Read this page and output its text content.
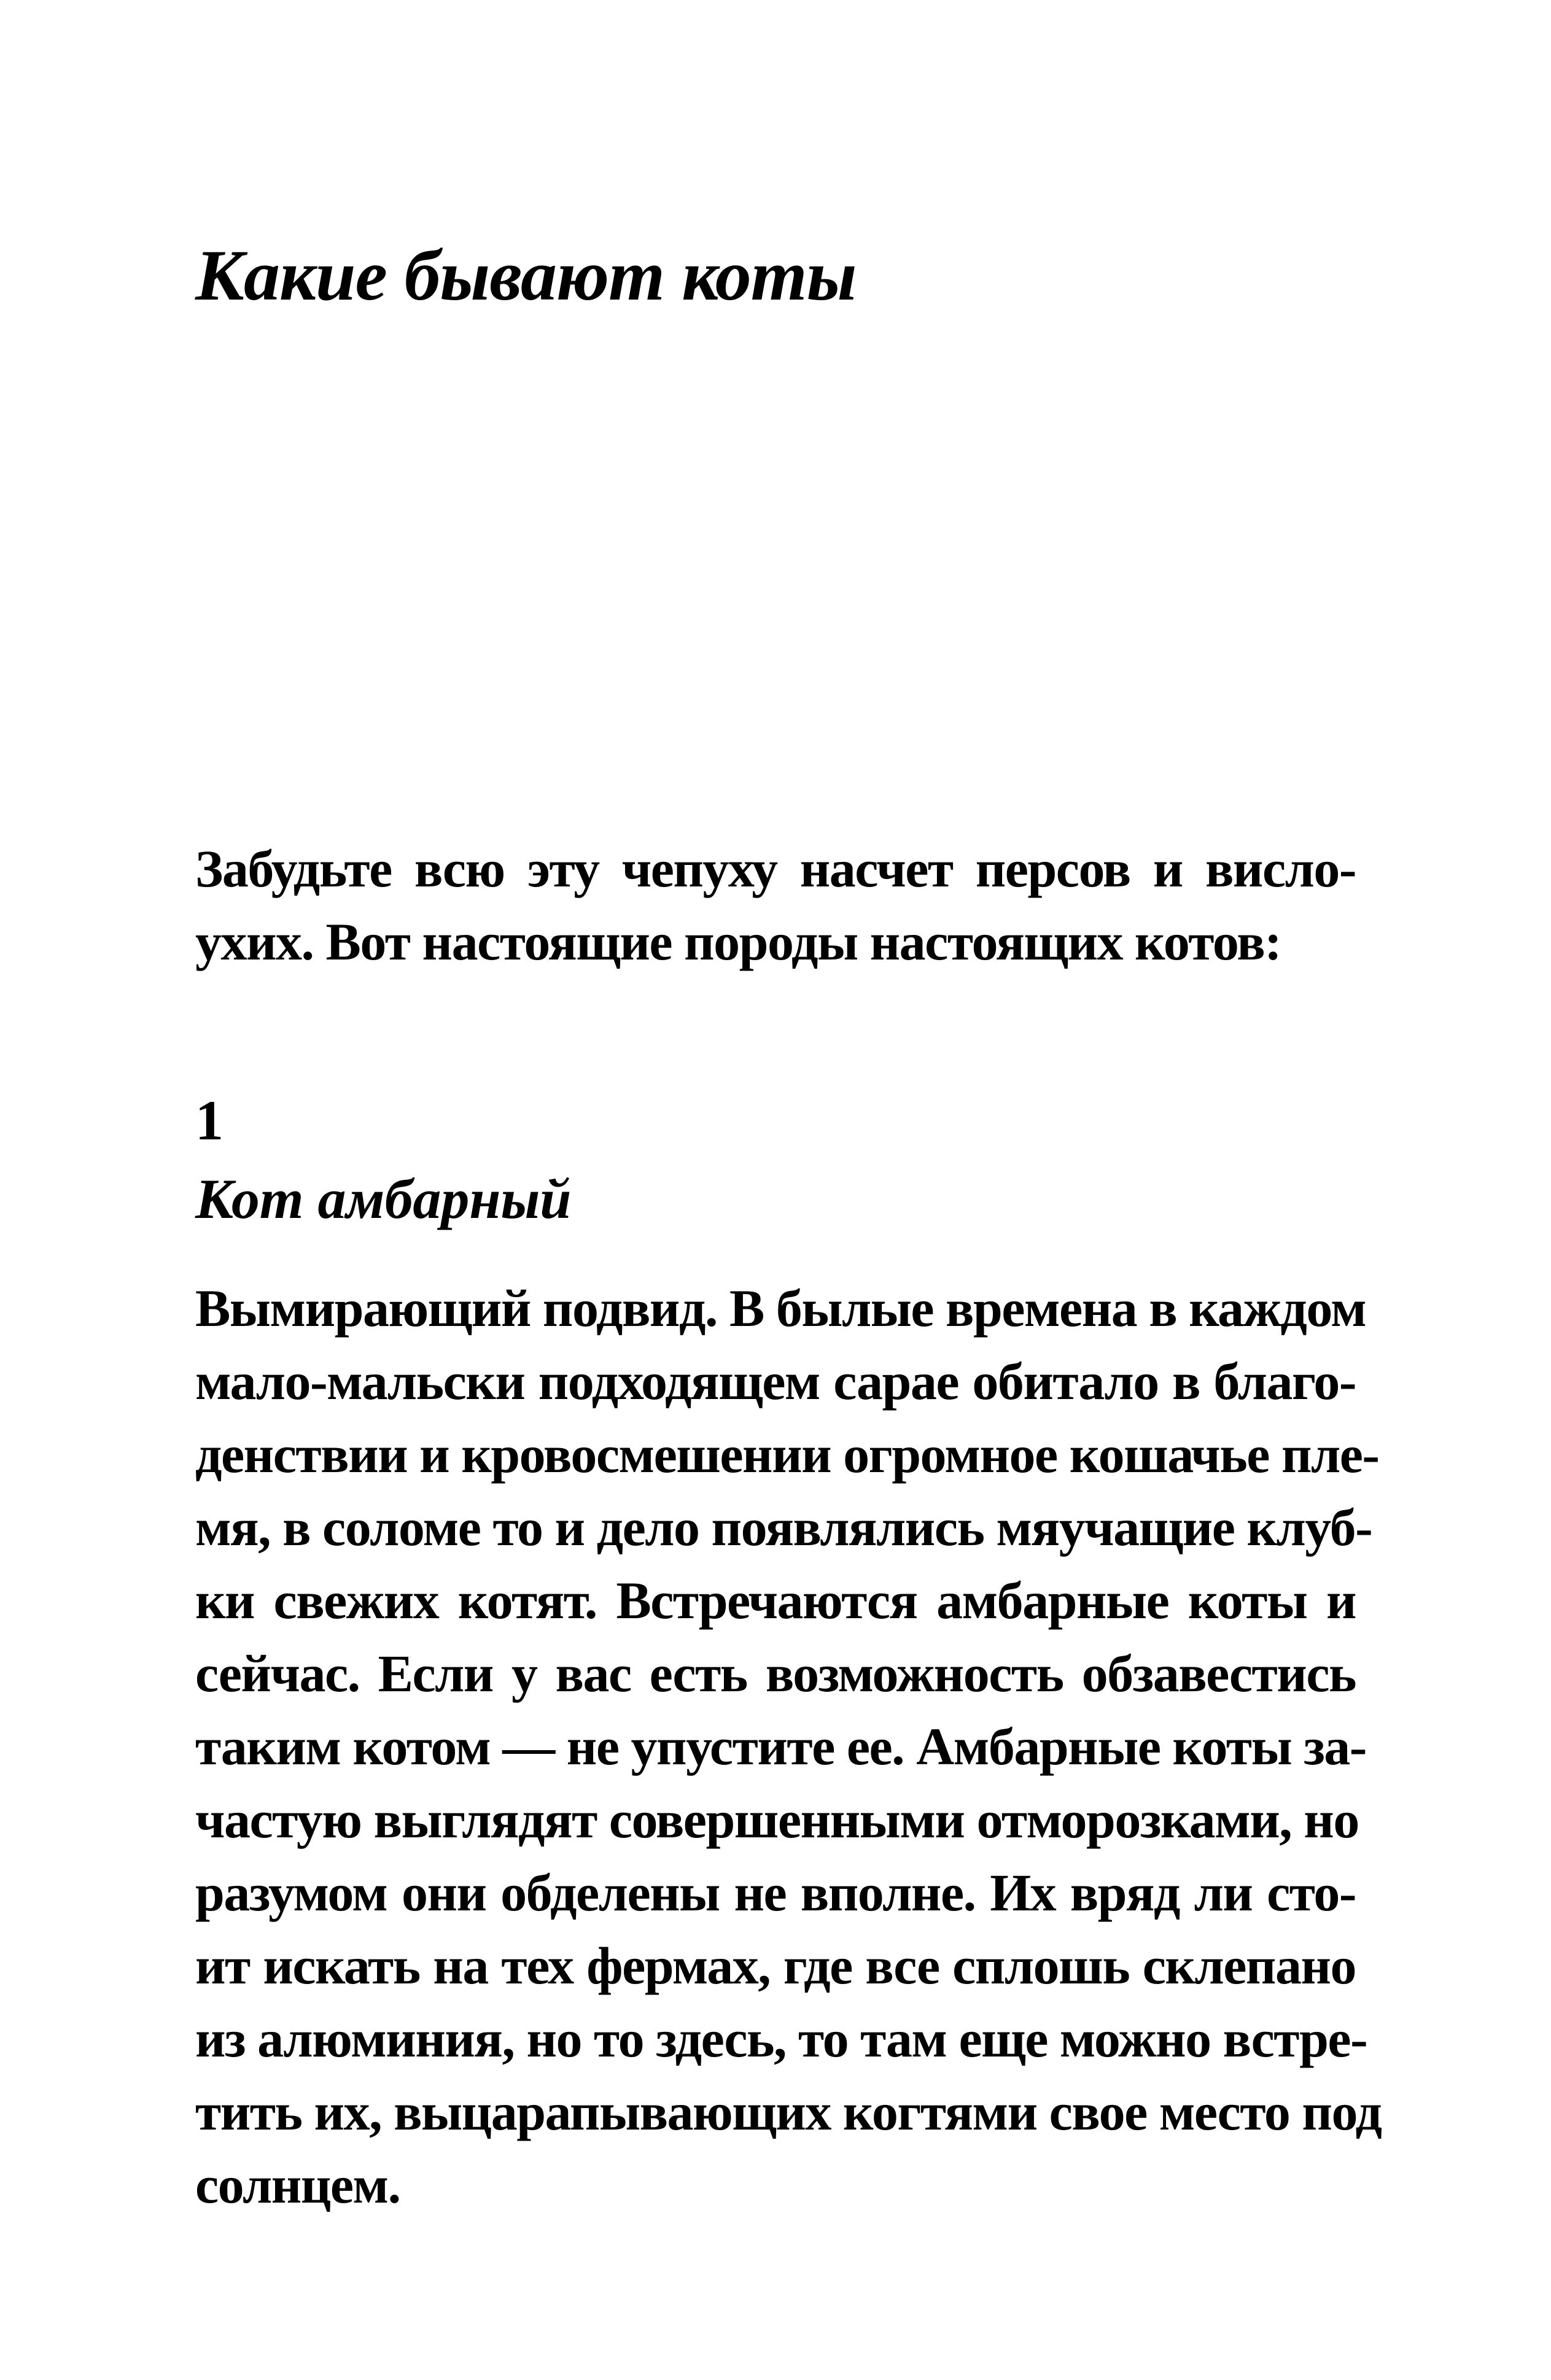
Какие бывают коты

Забудьте всю эту чепуху насчет персов и висло-
ухих. Вот настоящие породы настоящих котов:

1
Кот амбарный

Вымирающий подвид. В былые времена в каждом
мало-мальски подходящем сарае обитало в благо-
денствии и кровосмешении огромное кошачье пле-
мя, в соломе то и дело появлялись мяучащие клуб-
ки свежих котят. Встречаются амбарные коты и
сейчас. Если у вас есть возможность обзавестись
таким котом — не упустите ее. Амбарные коты за-
частую выглядят совершенными отморозками, но
разумом они обделены не вполне. Их вряд ли сто-
ит искать на тех фермах, где все сплошь склепано
из алюминия, но то здесь, то там еще можно встре-
тить их, выцарапывающих когтями свое место под
солнцем.
